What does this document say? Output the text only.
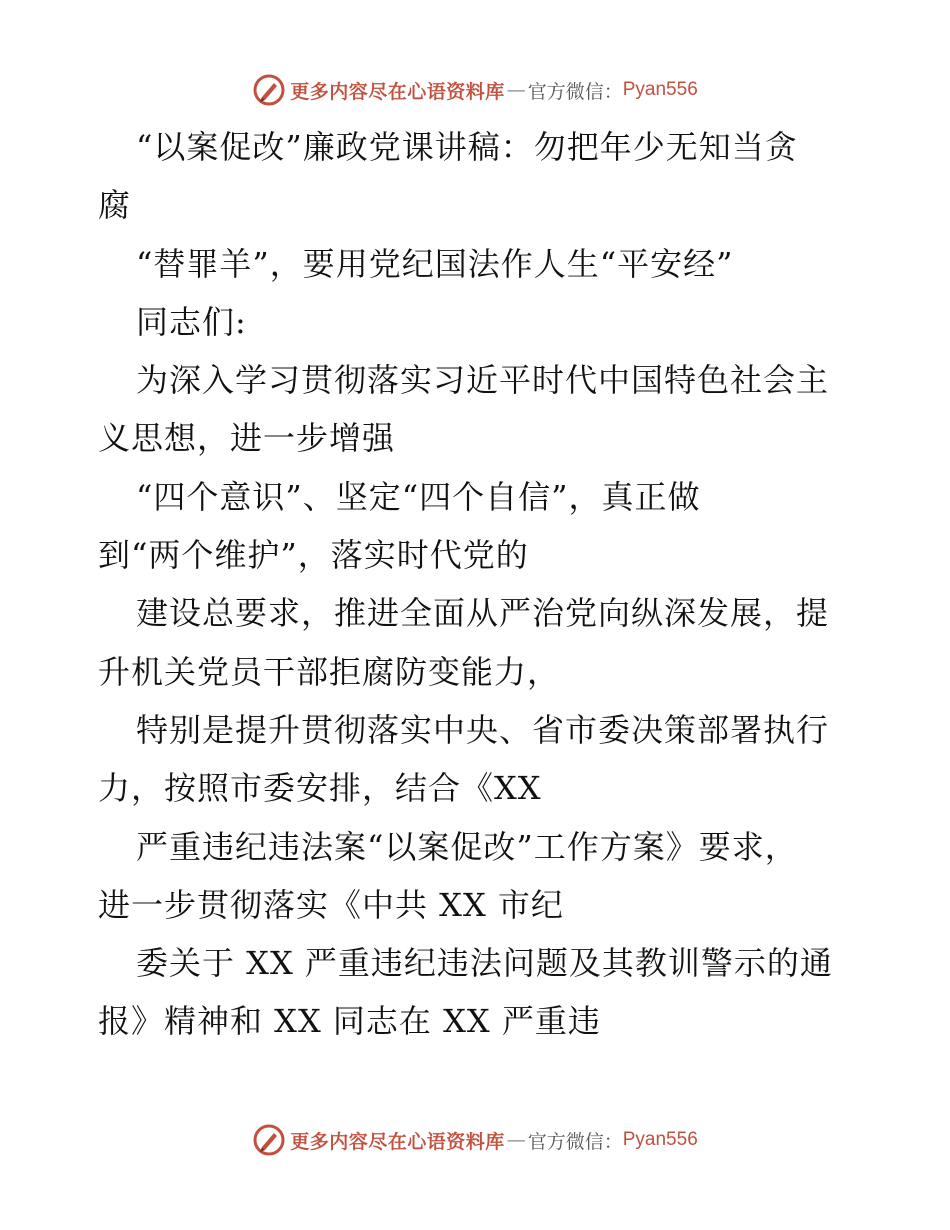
更多内容尽在心语资料库 — 官方微信： Pyan556
“以案促改”廉政党课讲稿：勿把年少无知当贪
腐
“替罪羊”，要用党纪国法作人生“平安经”
同志们:
为深入学习贯彻落实习近平时代中国特色社会主
义思想，进一步增强
“四个意识”、坚定“四个自信”，真正做
到“两个维护”，落实时代党的
建设总要求，推进全面从严治党向纵深发展，提
升机关党员干部拒腐防变能力，
特别是提升贯彻落实中央、省市委决策部署执行
力，按照市委安排，结合《XX
严重违纪违法案“以案促改”工作方案》要求，
进一步贯彻落实《中共 XX 市纪
委关于 XX 严重违纪违法问题及其教训警示的通
报》精神和 XX 同志在 XX 严重违
更多内容尽在心语资料库 — 官方微信： Pyan556
